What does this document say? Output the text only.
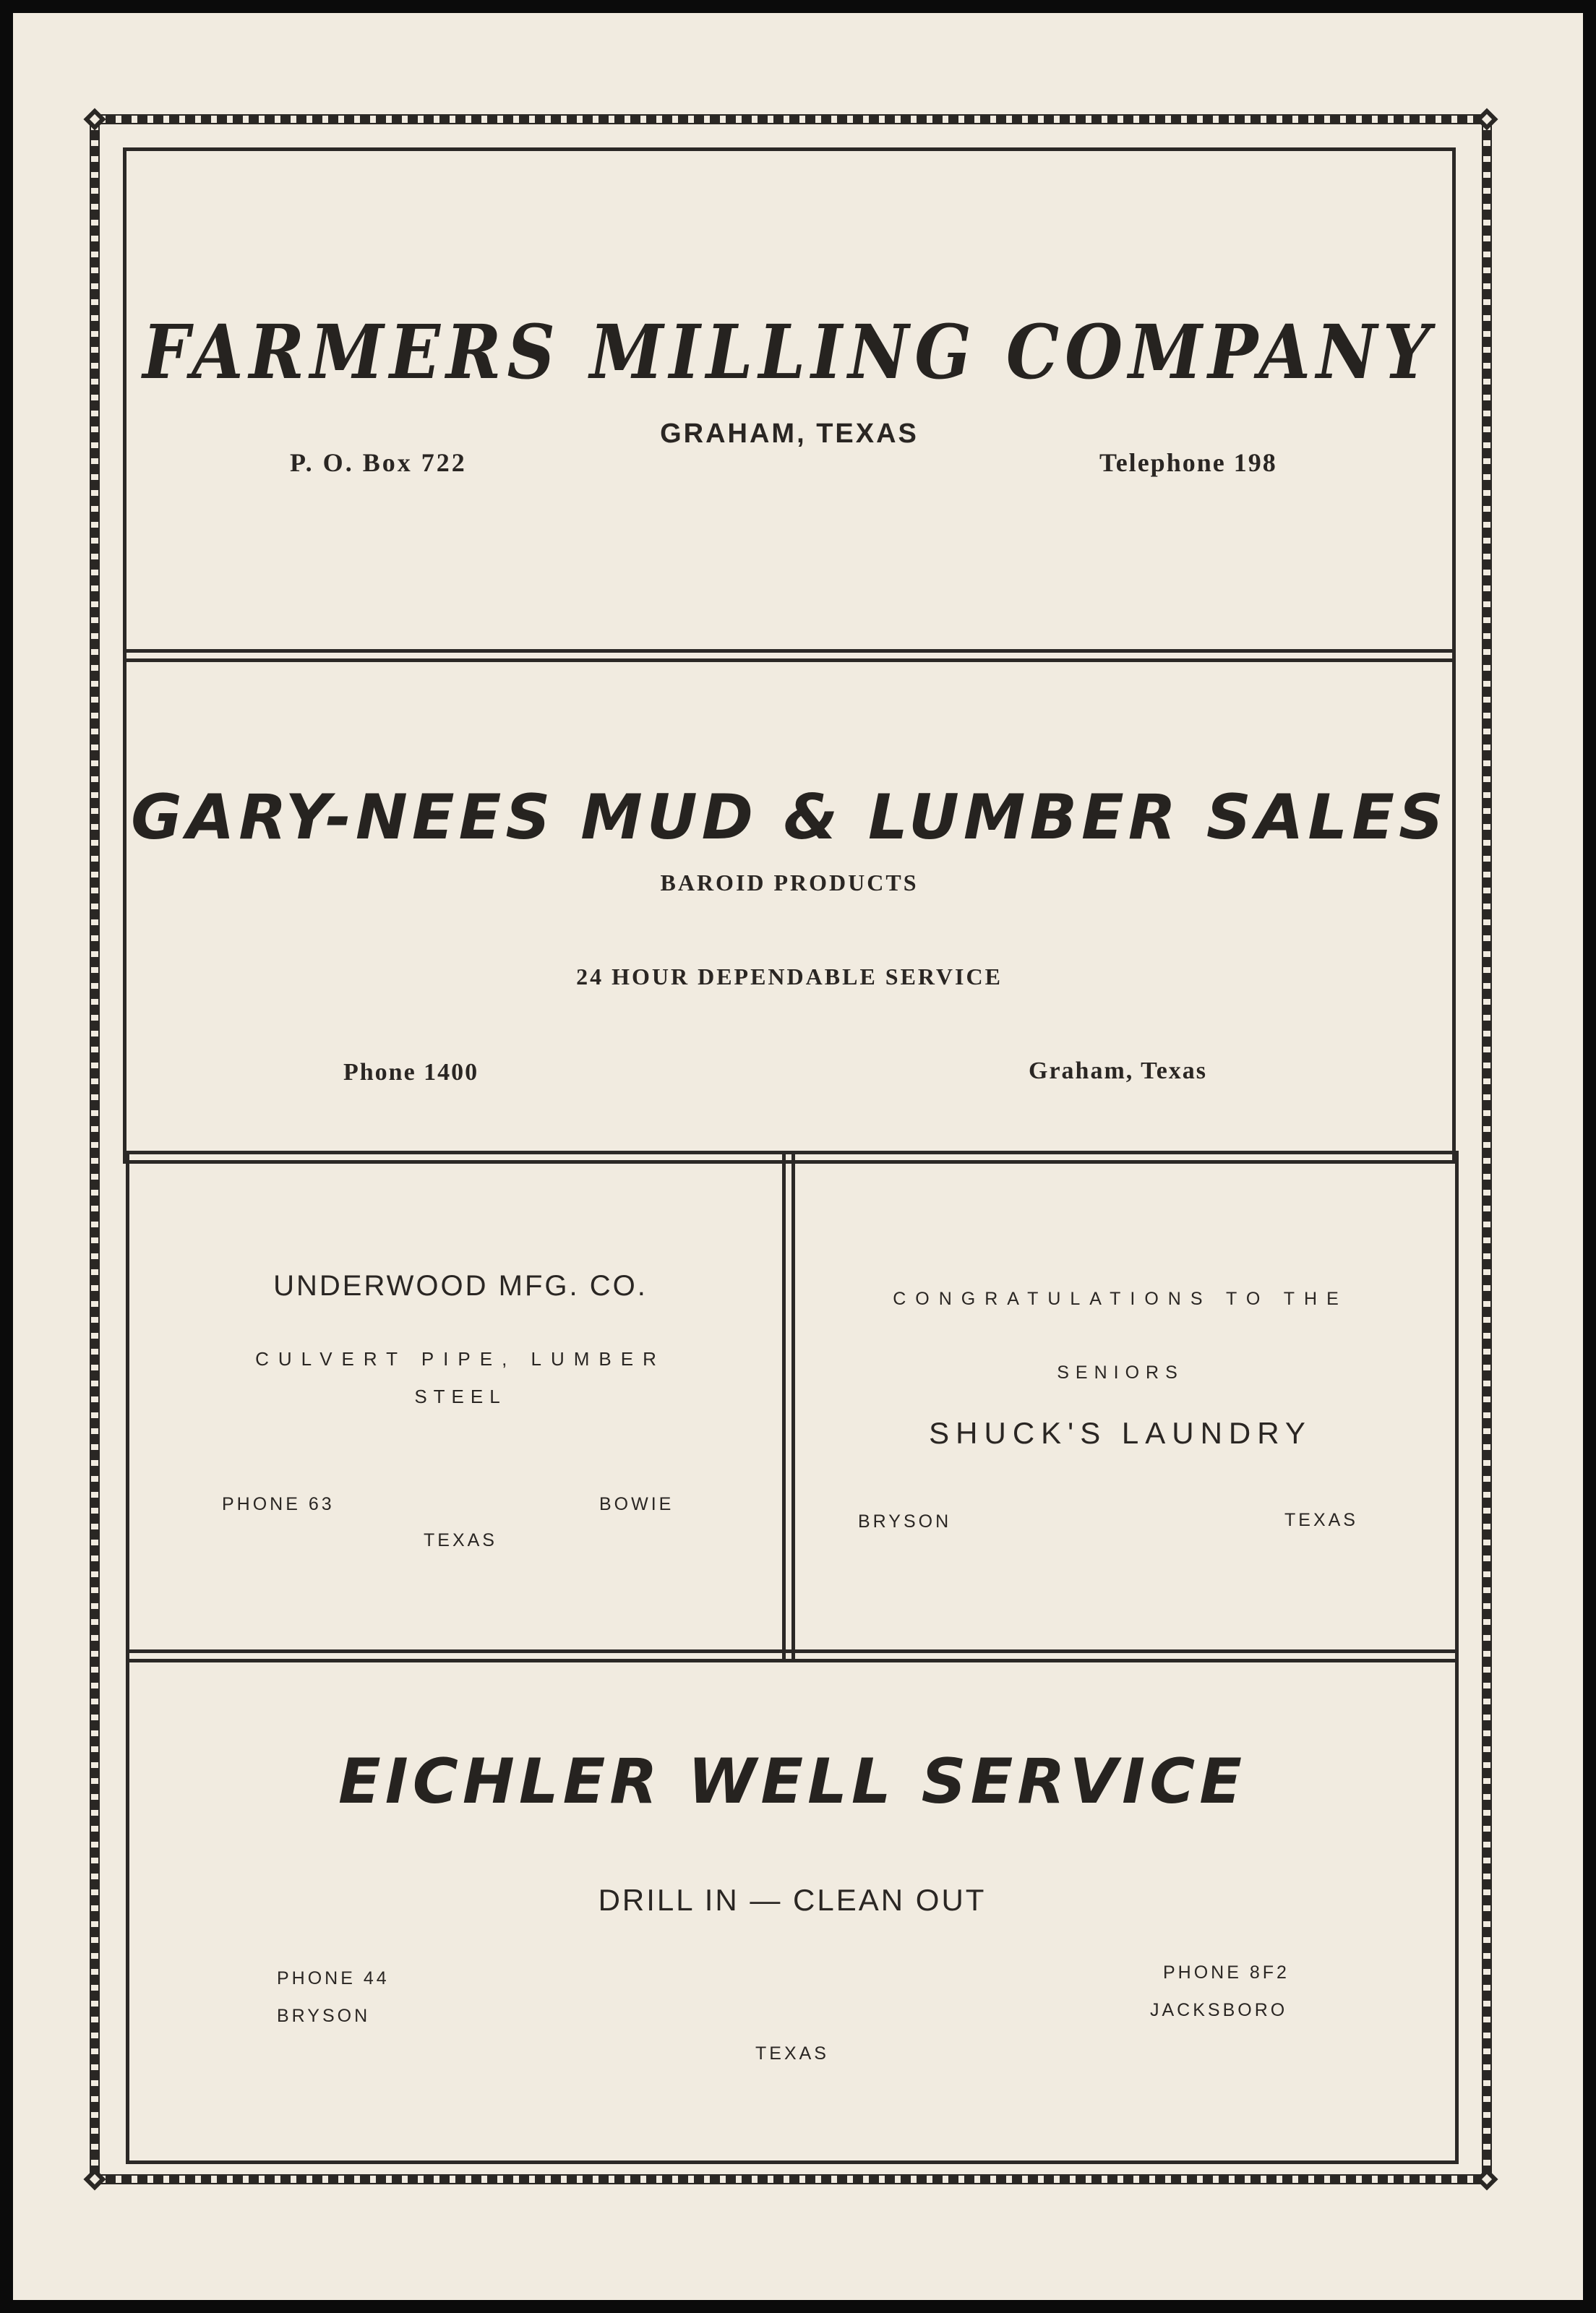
FARMERS MILLING COMPANY

GRAHAM, TEXAS

P. O. Box 722	Telephone 198

GARY-NEES MUD & LUMBER SALES

BAROID PRODUCTS

24 HOUR DEPENDABLE SERVICE

Phone 1400	Graham, Texas

UNDERWOOD MFG. CO.

CULVERT PIPE, LUMBER

STEEL

PHONE 63	BOWIE

TEXAS

CONGRATULATIONS TO THE

SENIORS

SHUCK'S LAUNDRY

BRYSON	TEXAS

EICHLER WELL SERVICE

DRILL IN — CLEAN OUT

PHONE 44

BRYSON

PHONE 8F2

JACKSBORO

TEXAS
